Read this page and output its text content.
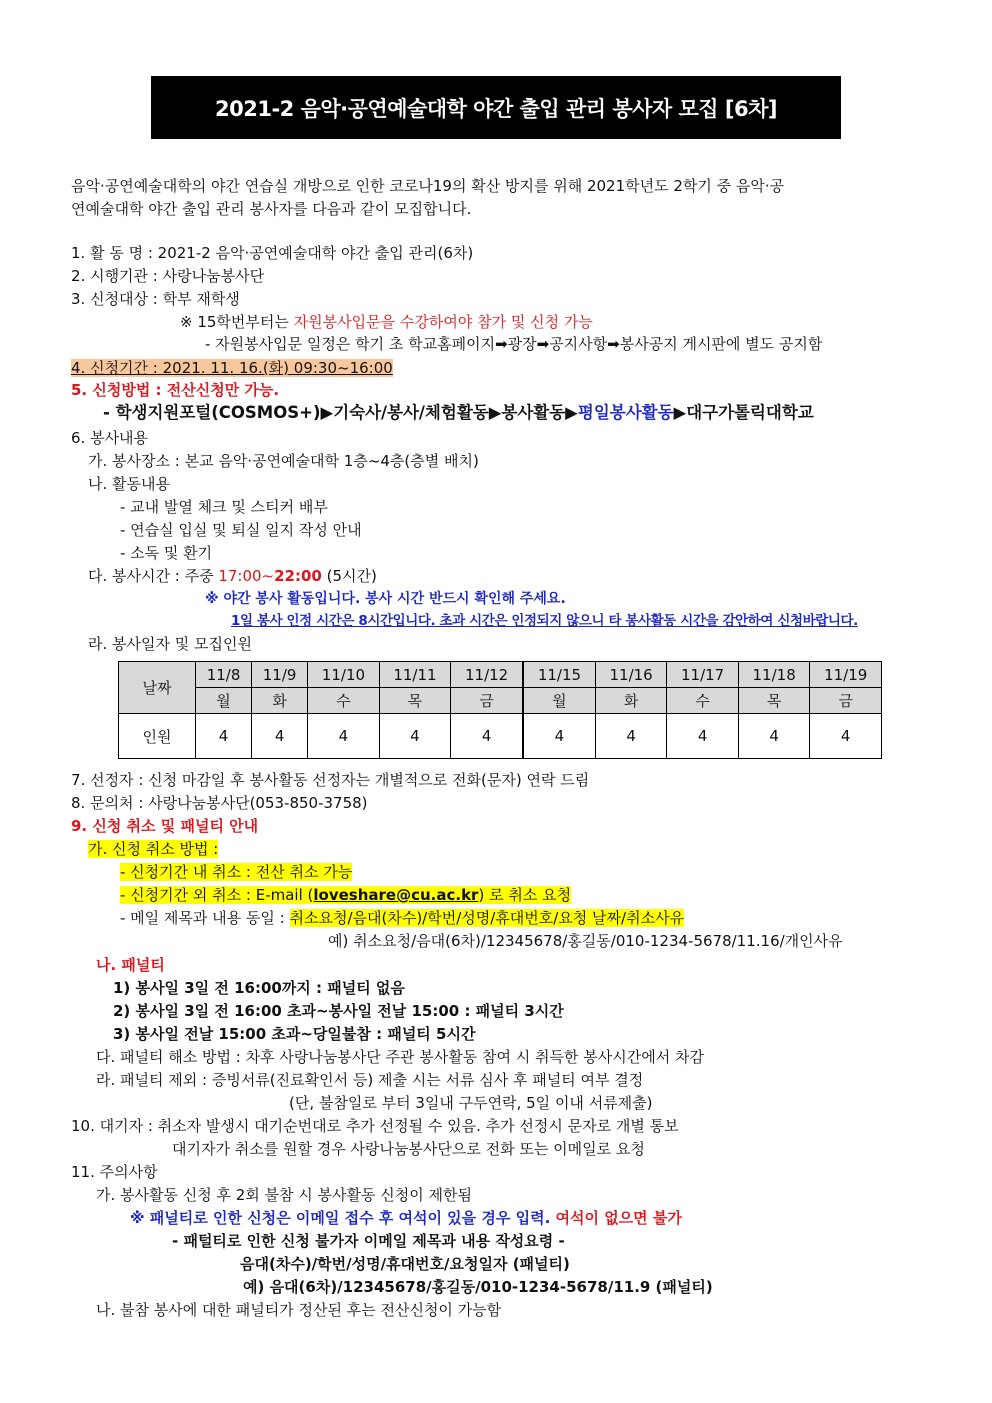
2021-2 음악·공연예술대학 야간 출입 관리 봉사자 모집 [6차]
음악·공연예술대학의 야간 연습실 개방으로 인한 코로나19의 확산 방지를 위해 2021학년도 2학기 중 음악·공
연예술대학 야간 출입 관리 봉사자를 다음과 같이 모집합니다.
1. 활 동 명 : 2021-2 음악·공연예술대학 야간 출입 관리(6차)
2. 시행기관 : 사랑나눔봉사단
3. 신청대상 : 학부 재학생
※ 15학번부터는 자원봉사입문을 수강하여야 참가 및 신청 가능
- 자원봉사입문 일정은 학기 초 학교홈페이지➡광장➡공지사항➡봉사공지 게시판에 별도 공지함
4. 신청기간 : 2021. 11. 16.(화) 09:30~16:00
5. 신청방법 : 전산신청만 가능.
- 학생지원포털(COSMOS+)▶기숙사/봉사/체험활동▶봉사활동▶평일봉사활동▶대구가톨릭대학교
6. 봉사내용
가. 봉사장소 : 본교 음악·공연예술대학 1층~4층(층별 배치)
나. 활동내용
- 교내 발열 체크 및 스티커 배부
- 연습실 입실 및 퇴실 일지 작성 안내
- 소독 및 환기
다. 봉사시간 : 주중 17:00~22:00 (5시간)
※ 야간 봉사 활동입니다. 봉사 시간 반드시 확인해 주세요.
1일 봉사 인정 시간은 8시간입니다. 초과 시간은 인정되지 않으니 타 봉사활동 시간을 감안하여 신청바랍니다.
라. 봉사일자 및 모집인원
날짜	11/8	11/9	11/10	11/11	11/12	11/15	11/16	11/17	11/18	11/19
	월	화	수	목	금	월	화	수	목	금
인원	4	4	4	4	4	4	4	4	4	4
7. 선정자 : 신청 마감일 후 봉사활동 선정자는 개별적으로 전화(문자) 연락 드림
8. 문의처 : 사랑나눔봉사단(053-850-3758)
9. 신청 취소 및 패널티 안내
가. 신청 취소 방법 :
- 신청기간 내 취소 : 전산 취소 가능
- 신청기간 외 취소 : E-mail (loveshare@cu.ac.kr) 로 취소 요청
- 메일 제목과 내용 동일 : 취소요청/음대(차수)/학번/성명/휴대번호/요청 날짜/취소사유
예) 취소요청/음대(6차)/12345678/홍길동/010-1234-5678/11.16/개인사유
나. 패널티
1) 봉사일 3일 전 16:00까지 : 패널티 없음
2) 봉사일 3일 전 16:00 초과~봉사일 전날 15:00 : 패널티 3시간
3) 봉사일 전날 15:00 초과~당일불참 : 패널티 5시간
다. 패널티 해소 방법 : 차후 사랑나눔봉사단 주관 봉사활동 참여 시 취득한 봉사시간에서 차감
라. 패널티 제외 : 증빙서류(진료확인서 등) 제출 시는 서류 심사 후 패널티 여부 결정
(단, 불참일로 부터 3일내 구두연락, 5일 이내 서류제출)
10. 대기자 : 취소자 발생시 대기순번대로 추가 선정될 수 있음. 추가 선정시 문자로 개별 통보
대기자가 취소를 원할 경우 사랑나눔봉사단으로 전화 또는 이메일로 요청
11. 주의사항
가. 봉사활동 신청 후 2회 불참 시 봉사활동 신청이 제한됨
※ 패널티로 인한 신청은 이메일 접수 후 여석이 있을 경우 입력. 여석이 없으면 불가
- 패털티로 인한 신청 불가자 이메일 제목과 내용 작성요령 -
음대(차수)/학번/성명/휴대번호/요청일자 (패널티)
예) 음대(6차)/12345678/홍길동/010-1234-5678/11.9 (패널티)
나. 불참 봉사에 대한 패널티가 정산된 후는 전산신청이 가능함
